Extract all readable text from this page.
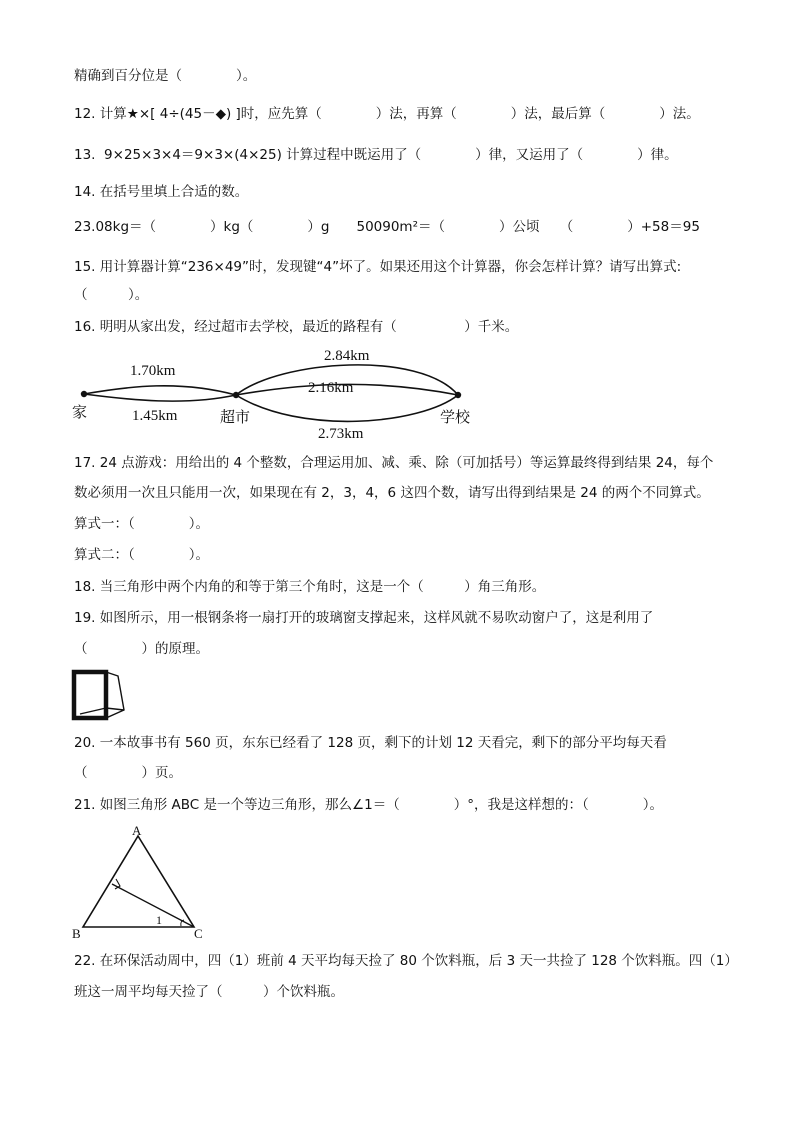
精确到百分位是（　　　　）。
12. 计算★×[ 4÷(45－◆) ]时，应先算（　　　　）法，再算（　　　　）法，最后算（　　　　）法。
13.  9×25×3×4＝9×3×(4×25) 计算过程中既运用了（　　　　）律，又运用了（　　　　）律。
14. 在括号里填上合适的数。
23.08kg＝（　　　　）kg（　　　　）g　　50090m²＝（　　　　）公顷　　（　　　　）+58＝95
15. 用计算器计算“236×49”时，发现键“4”坏了。如果还用这个计算器，你会怎样计算？请写出算式:
（　　　）。
16. 明明从家出发，经过超市去学校，最近的路程有（　　　　　）千米。
1.70km
1.45km
2.84km
2.16km
2.73km
家	超市	学校
17. 24 点游戏：用给出的 4 个整数，合理运用加、减、乘、除（可加括号）等运算最终得到结果 24，每个
数必须用一次且只能用一次，如果现在有 2，3，4，6 这四个数，请写出得到结果是 24 的两个不同算式。
算式一：（　　　　）。
算式二：（　　　　）。
18. 当三角形中两个内角的和等于第三个角时，这是一个（　　　）角三角形。
19. 如图所示，用一根钢条将一扇打开的玻璃窗支撑起来，这样风就不易吹动窗户了，这是利用了
（　　　　）的原理。
20. 一本故事书有 560 页，东东已经看了 128 页，剩下的计划 12 天看完，剩下的部分平均每天看
（　　　　）页。
21. 如图三角形 ABC 是一个等边三角形，那么∠1＝（　　　　）°，我是这样想的：（　　　　）。
A
B	C
1
22. 在环保活动周中，四（1）班前 4 天平均每天捡了 80 个饮料瓶，后 3 天一共捡了 128 个饮料瓶。四（1）
班这一周平均每天捡了（　　　）个饮料瓶。
